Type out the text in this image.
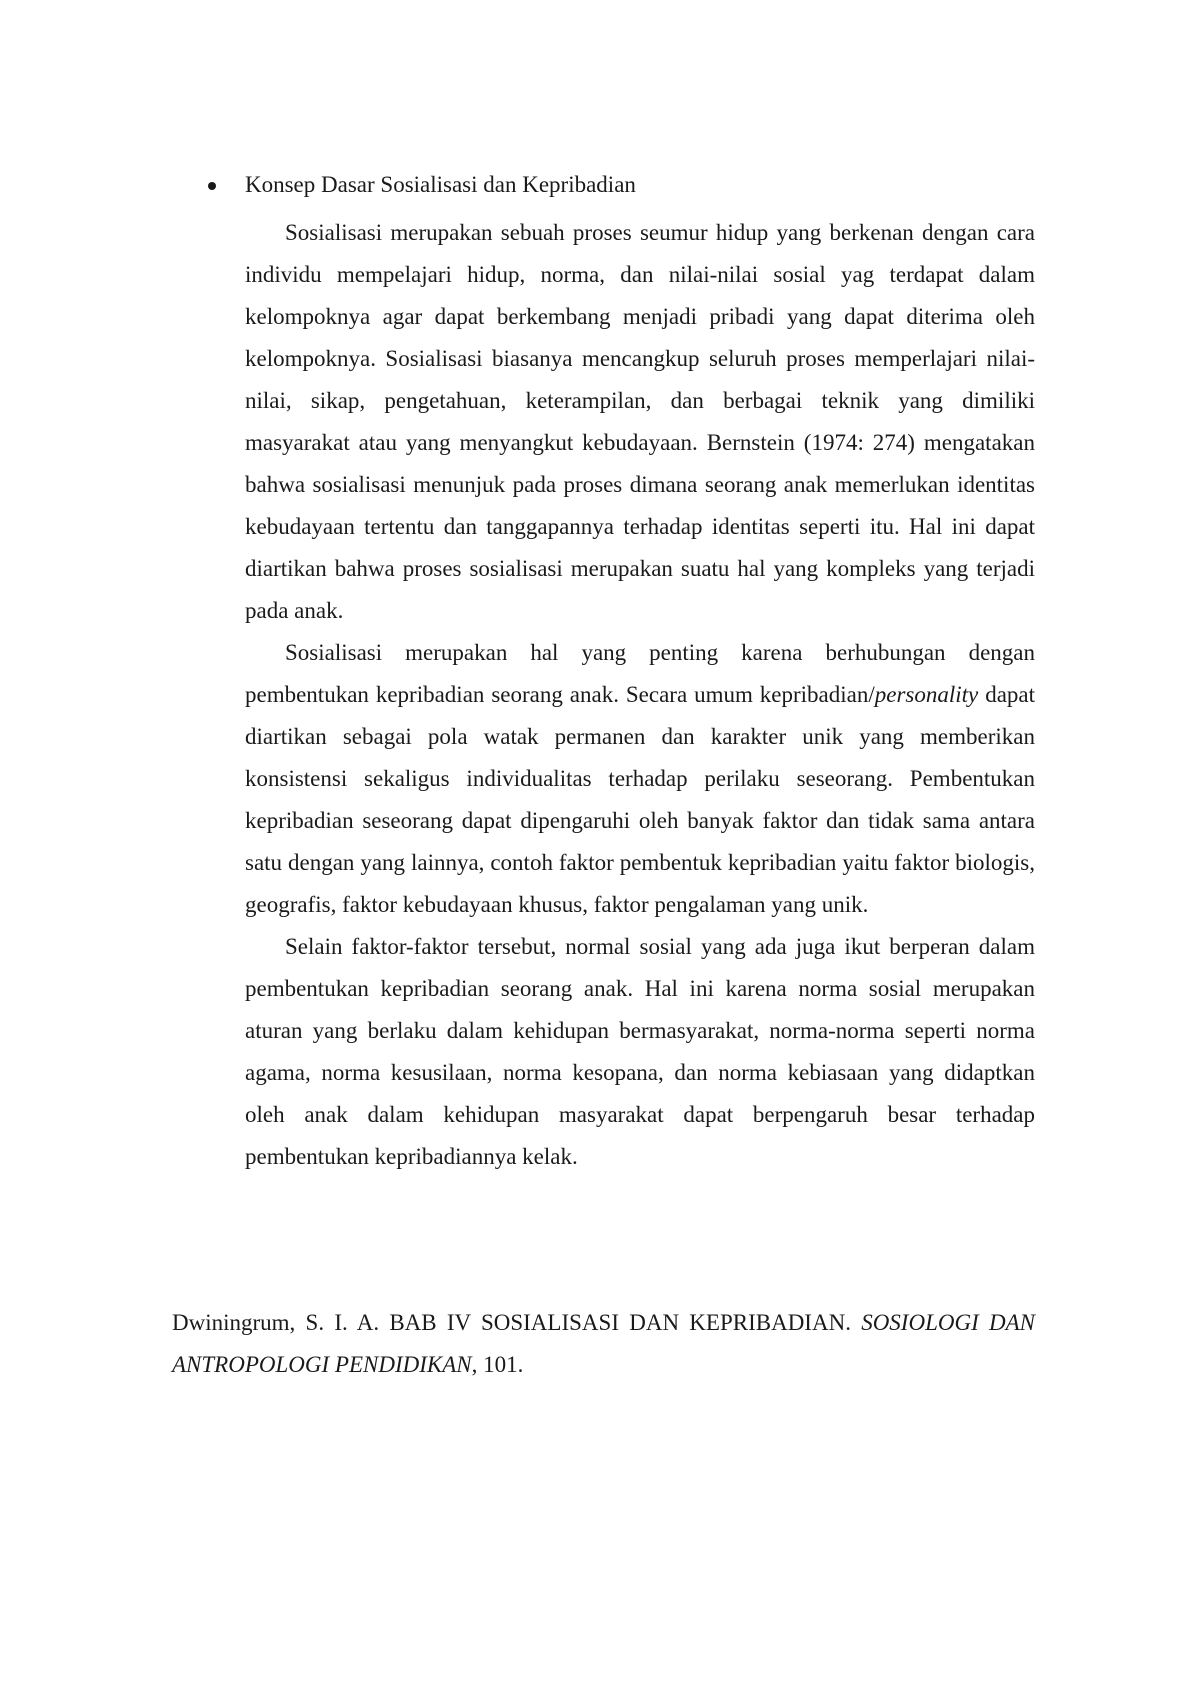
Konsep Dasar Sosialisasi dan Kepribadian

Sosialisasi merupakan sebuah proses seumur hidup yang berkenan dengan cara individu mempelajari hidup, norma, dan nilai-nilai sosial yag terdapat dalam kelompoknya agar dapat berkembang menjadi pribadi yang dapat diterima oleh kelompoknya. Sosialisasi biasanya mencangkup seluruh proses memperlajari nilai-nilai, sikap, pengetahuan, keterampilan, dan berbagai teknik yang dimiliki masyarakat atau yang menyangkut kebudayaan. Bernstein (1974: 274) mengatakan bahwa sosialisasi menunjuk pada proses dimana seorang anak memerlukan identitas kebudayaan tertentu dan tanggapannya terhadap identitas seperti itu. Hal ini dapat diartikan bahwa proses sosialisasi merupakan suatu hal yang kompleks yang terjadi pada anak.

Sosialisasi merupakan hal yang penting karena berhubungan dengan pembentukan kepribadian seorang anak. Secara umum kepribadian/personality dapat diartikan sebagai pola watak permanen dan karakter unik yang memberikan konsistensi sekaligus individualitas terhadap perilaku seseorang. Pembentukan kepribadian seseorang dapat dipengaruhi oleh banyak faktor dan tidak sama antara satu dengan yang lainnya, contoh faktor pembentuk kepribadian yaitu faktor biologis, geografis, faktor kebudayaan khusus, faktor pengalaman yang unik.

Selain faktor-faktor tersebut, normal sosial yang ada juga ikut berperan dalam pembentukan kepribadian seorang anak. Hal ini karena norma sosial merupakan aturan yang berlaku dalam kehidupan bermasyarakat, norma-norma seperti norma agama, norma kesusilaan, norma kesopana, dan norma kebiasaan yang didaptkan oleh anak dalam kehidupan masyarakat dapat berpengaruh besar terhadap pembentukan kepribadiannya kelak.

Dwiningrum, S. I. A. BAB IV SOSIALISASI DAN KEPRIBADIAN. SOSIOLOGI DAN ANTROPOLOGI PENDIDIKAN, 101.
